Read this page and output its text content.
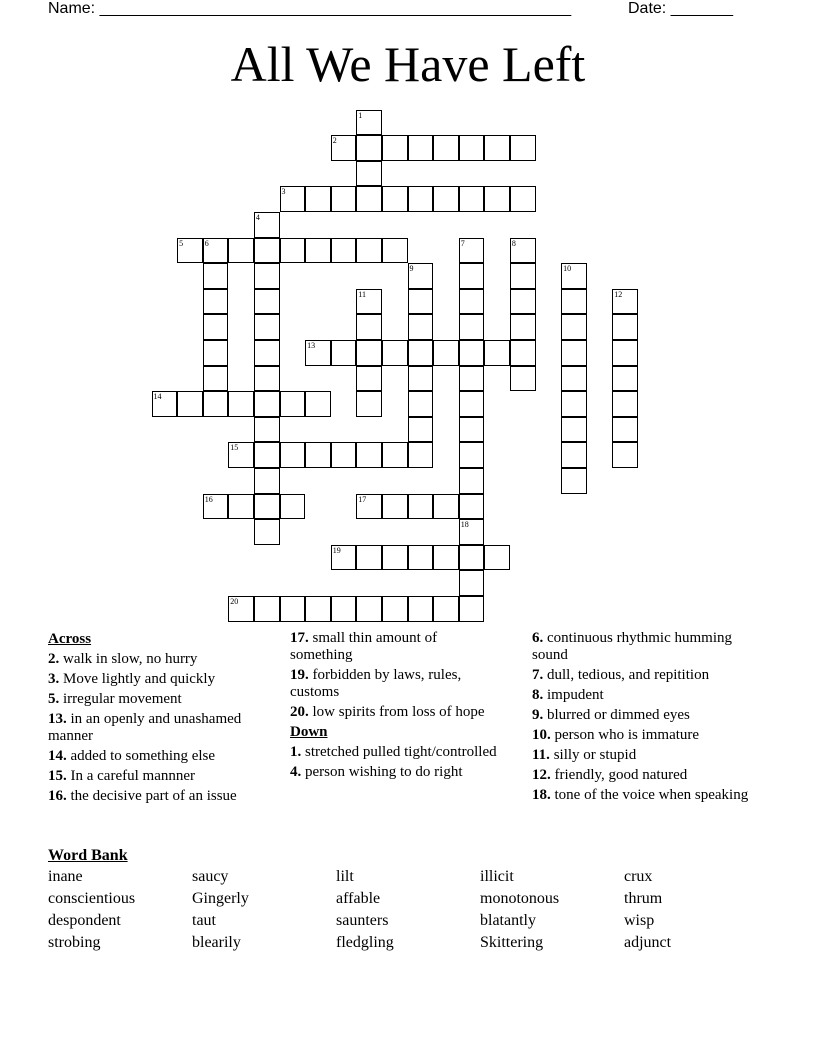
Name: _____________________________________________________	Date: _______
All We Have Left
1
2
3
4
5	6	7
18
8
9	10
11	12
13
14
15
16	17
19
20
Across
2. walk in slow, no hurry
3. Move lightly and quickly
5. irregular movement
13. in an openly and unashamed manner
14. added to something else
15. In a careful mannner
16. the decisive part of an issue
17. small thin amount of something
19. forbidden by laws, rules, customs
20. low spirits from loss of hope
Down
1. stretched pulled tight/controlled
4. person wishing to do right
6. continuous rhythmic humming sound
7. dull, tedious, and repitition
8. impudent
9. blurred or dimmed eyes
10. person who is immature
11. silly or stupid
12. friendly, good natured
18. tone of the voice when speaking
Word Bank
inane	saucy	lilt	illicit	crux
conscientious	Gingerly	affable	monotonous	thrum
despondent	taut	saunters	blatantly	wisp
strobing	blearily	fledgling	Skittering	adjunct
